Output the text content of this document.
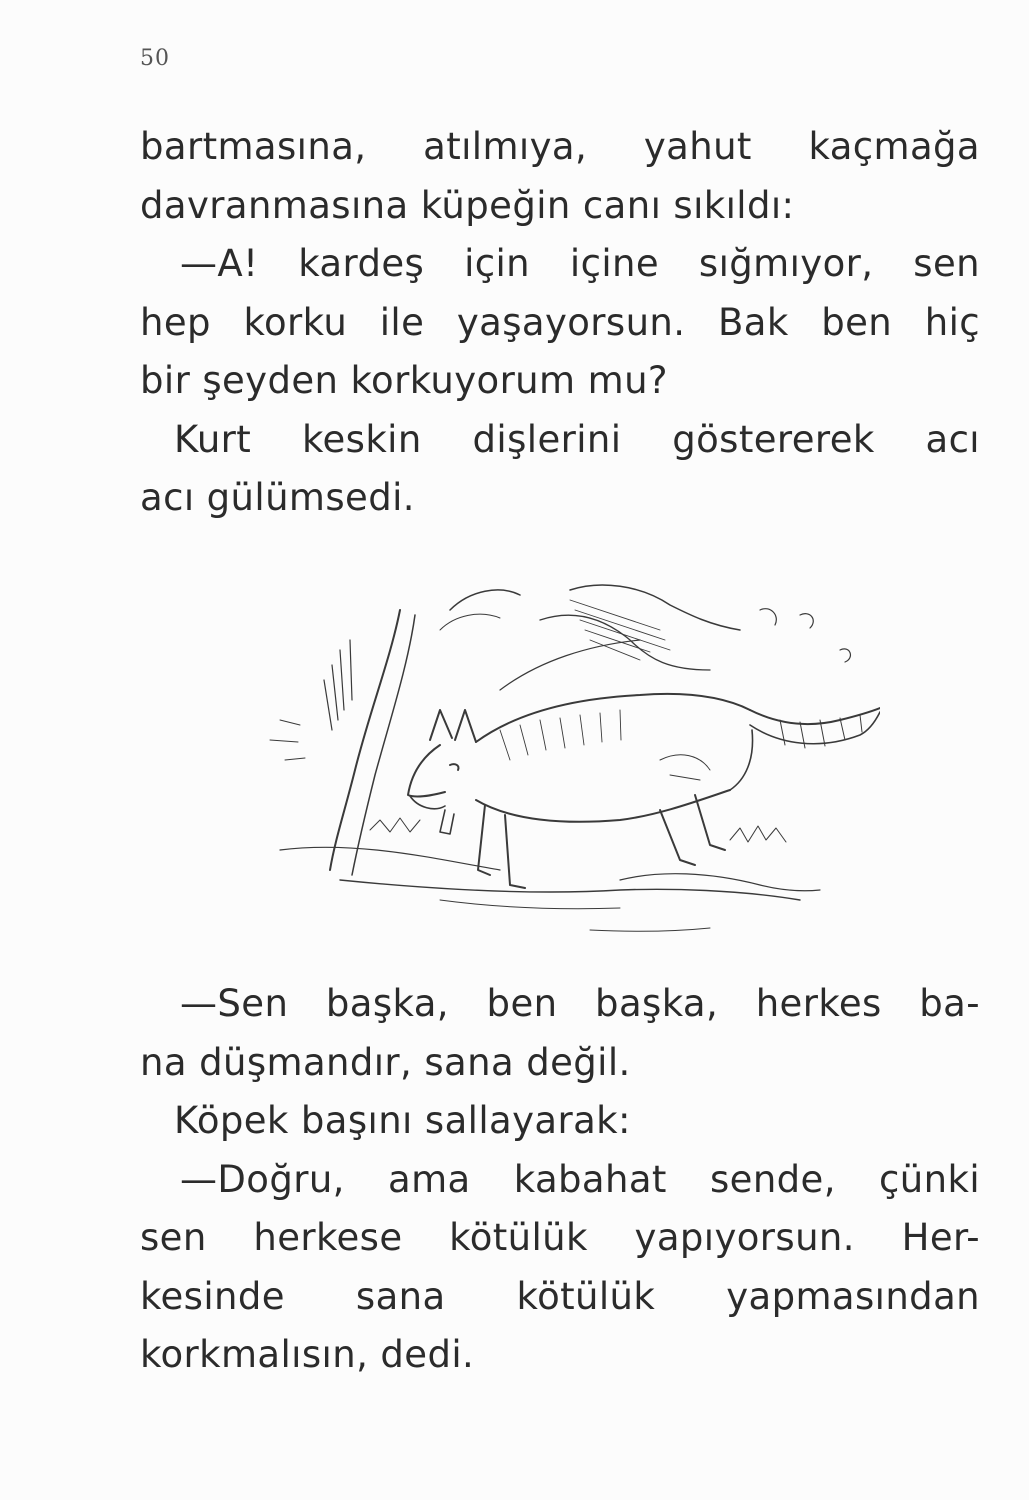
50
bartmasına, atılmıya, yahut kaçmağa
davranmasına küpeğin canı sıkıldı:
—A! kardeş için içine sığmıyor, sen
hep korku ile yaşayorsun. Bak ben hiç
bir şeyden korkuyorum mu?
Kurt keskin dişlerini göstererek acı
acı gülümsedi.
—Sen başka, ben başka, herkes ba-
na düşmandır, sana değil.
Köpek başını sallayarak:
—Doğru, ama kabahat sende, çünki
sen herkese kötülük yapıyorsun. Her-
kesinde sana kötülük yapmasından
korkmalısın, dedi.
